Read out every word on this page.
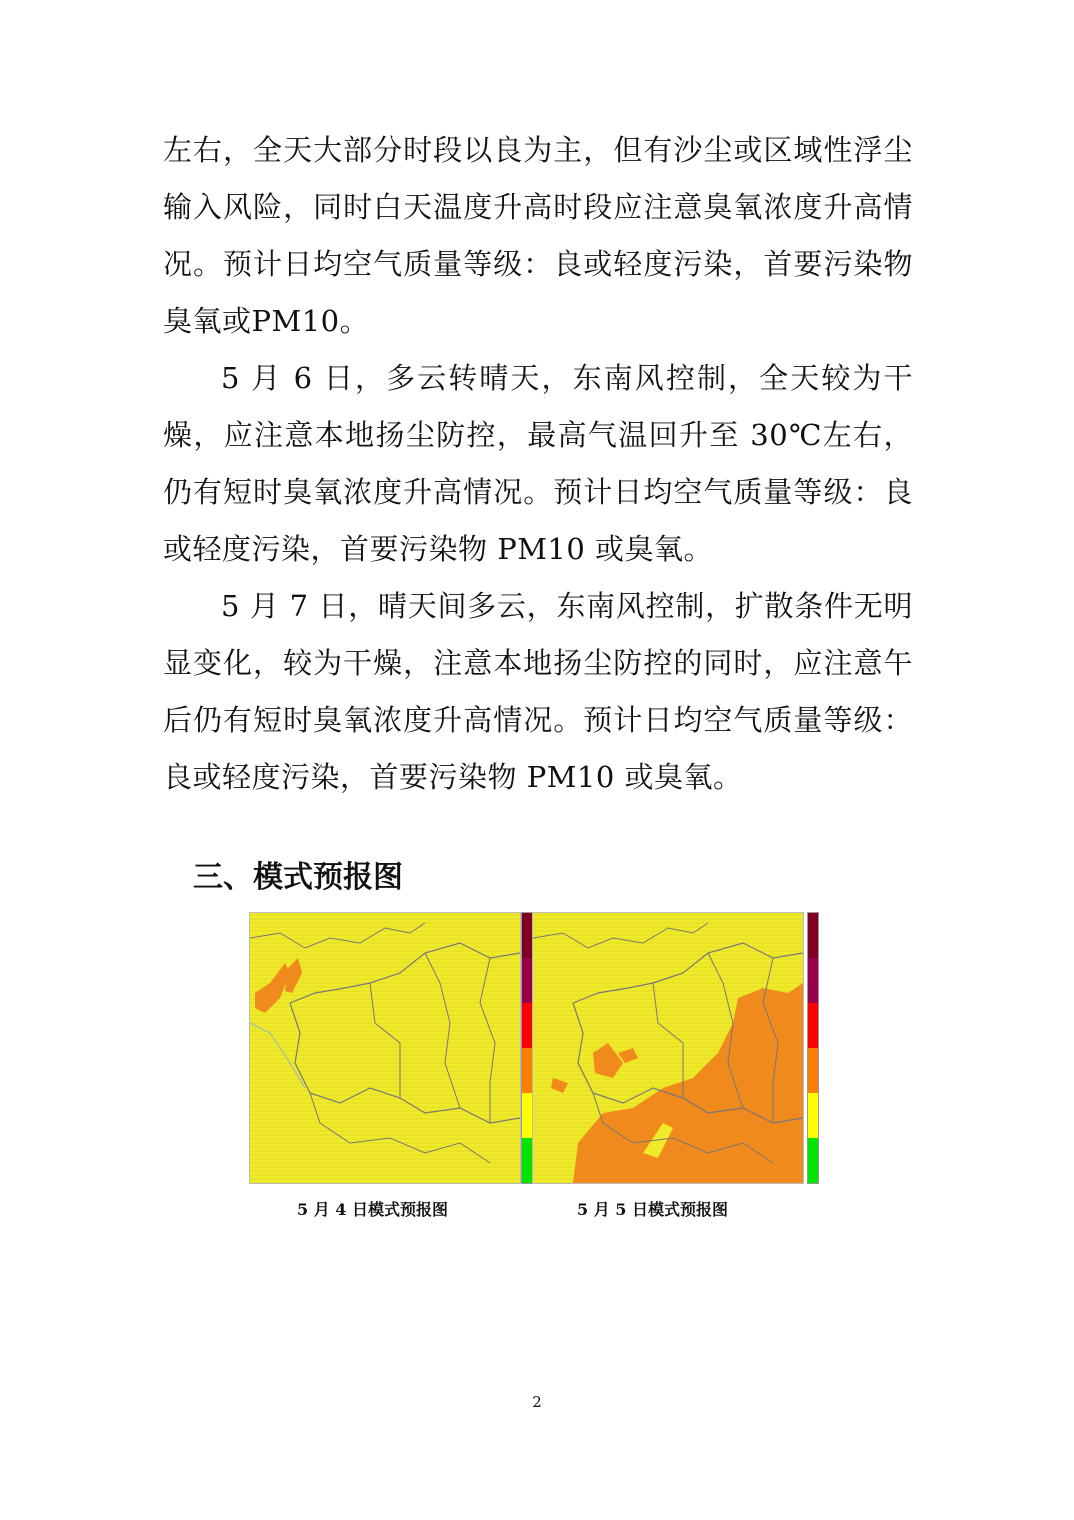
左右，全天大部分时段以良为主，但有沙尘或区域性浮尘输入风险，同时白天温度升高时段应注意臭氧浓度升高情况。预计日均空气质量等级：良或轻度污染，首要污染物臭氧或PM10。

5 月 6 日，多云转晴天，东南风控制，全天较为干燥，应注意本地扬尘防控，最高气温回升至 30℃左右，仍有短时臭氧浓度升高情况。预计日均空气质量等级：良或轻度污染，首要污染物 PM10 或臭氧。

5 月 7 日，晴天间多云，东南风控制，扩散条件无明显变化，较为干燥，注意本地扬尘防控的同时，应注意午后仍有短时臭氧浓度升高情况。预计日均空气质量等级：良或轻度污染，首要污染物 PM10 或臭氧。

三、模式预报图

5 月 4 日模式预报图	5 月 5 日模式预报图

2
